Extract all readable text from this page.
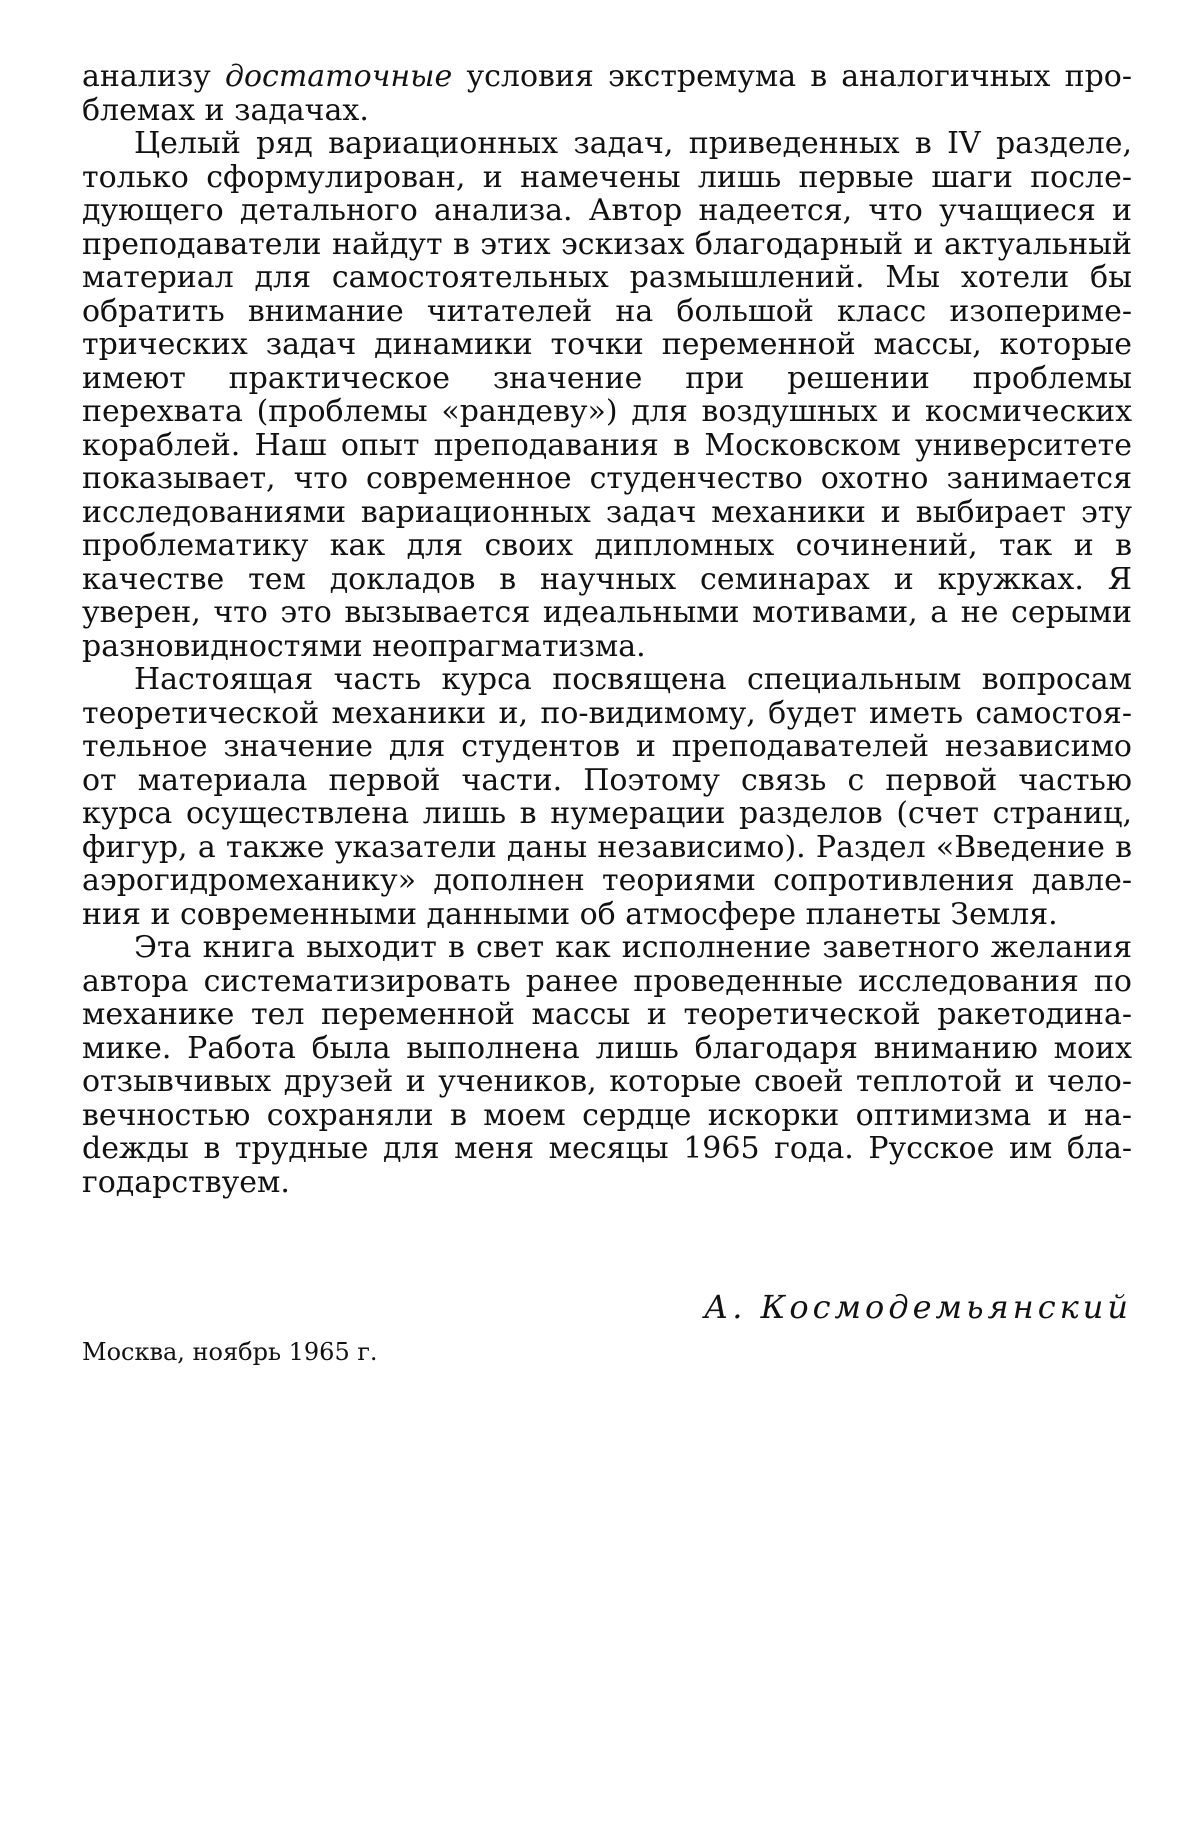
анализу достаточные условия экстремума в аналогичных проблемах и задачах.

Целый ряд вариационных задач, приведенных в IV разделе, только сформулирован, и намечены лишь первые шаги последующего детального анализа. Автор надеется, что учащиеся и преподаватели найдут в этих эскизах благодарный и актуальный материал для самостоятельных размышлений. Мы хотели бы обратить внимание читателей на большой класс изопериметрических задач динамики точки переменной массы, которые имеют практическое значение при решении проблемы перехвата (проблемы «рандеву») для воздушных и космических кораблей. Наш опыт преподавания в Московском университете показывает, что современное студенчество охотно занимается исследованиями вариационных задач механики и выбирает эту проблематику как для своих дипломных сочинений, так и в качестве тем докладов в научных семинарах и кружках. Я уверен, что это вызывается идеальными мотивами, а не серыми разновидностями неопрагматизма.

Настоящая часть курса посвящена специальным вопросам теоретической механики и, по-видимому, будет иметь самостоятельное значение для студентов и преподавателей независимо от материала первой части. Поэтому связь с первой частью курса осуществлена лишь в нумерации разделов (счет страниц, фигур, а также указатели даны независимо). Раздел «Введение в аэрогидромеханику» дополнен теориями сопротивления давления и современными данными об атмосфере планеты Земля.

Эта книга выходит в свет как исполнение заветного желания автора систематизировать ранее проведенные исследования по механике тел переменной массы и теоретической ракетодинамике. Работа была выполнена лишь благодаря вниманию моих отзывчивых друзей и учеников, которые своей теплотой и человечностью сохраняли в моем сердце искорки оптимизма и наdежды в трудные для меня месяцы 1965 года. Русское им благодарствуем.

А. Космодемьянский

Москва, ноябрь 1965 г.
